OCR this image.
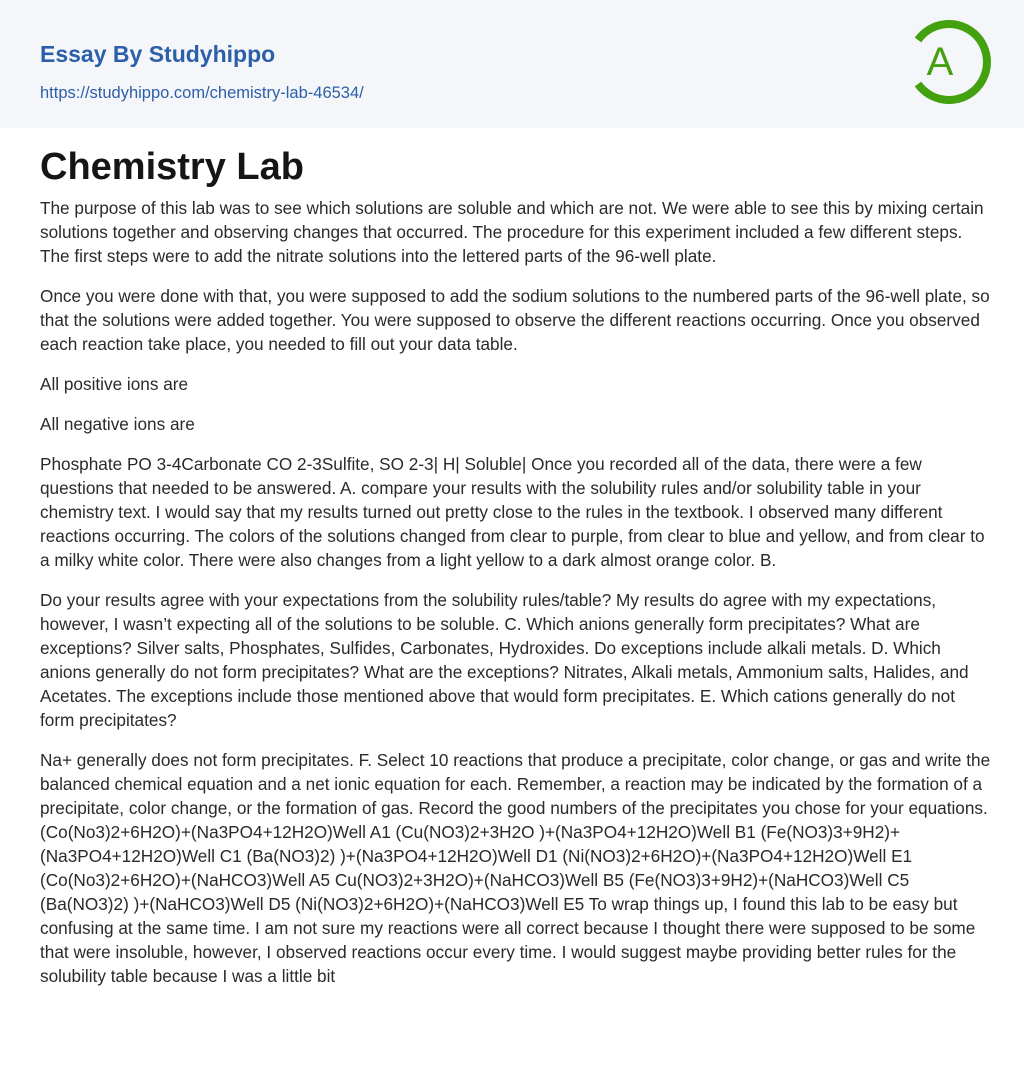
Essay By Studyhippo
https://studyhippo.com/chemistry-lab-46534/
A
Chemistry Lab

The purpose of this lab was to see which solutions are soluble and which are not. We were able to see this by mixing certain solutions together and observing changes that occurred. The procedure for this experiment included a few different steps. The first steps were to add the nitrate solutions into the lettered parts of the 96-well plate.

Once you were done with that, you were supposed to add the sodium solutions to the numbered parts of the 96-well plate, so that the solutions were added together. You were supposed to observe the different reactions occurring. Once you observed each reaction take place, you needed to fill out your data table.

All positive ions are

All negative ions are

Phosphate PO 3-4Carbonate CO 2-3Sulfite, SO 2-3| H| Soluble| Once you recorded all of the data, there were a few questions that needed to be answered. A. compare your results with the solubility rules and/or solubility table in your chemistry text. I would say that my results turned out pretty close to the rules in the textbook. I observed many different reactions occurring. The colors of the solutions changed from clear to purple, from clear to blue and yellow, and from clear to a milky white color. There were also changes from a light yellow to a dark almost orange color. B.

Do your results agree with your expectations from the solubility rules/table? My results do agree with my expectations, however, I wasn’t expecting all of the solutions to be soluble. C. Which anions generally form precipitates? What are exceptions? Silver salts, Phosphates, Sulfides, Carbonates, Hydroxides. Do exceptions include alkali metals. D. Which anions generally do not form precipitates? What are the exceptions? Nitrates, Alkali metals, Ammonium salts, Halides, and Acetates. The exceptions include those mentioned above that would form precipitates. E. Which cations generally do not form precipitates?

Na+ generally does not form precipitates. F. Select 10 reactions that produce a precipitate, color change, or gas and write the balanced chemical equation and a net ionic equation for each. Remember, a reaction may be indicated by the formation of a precipitate, color change, or the formation of gas. Record the good numbers of the precipitates you chose for your equations. (Co(No3)2+6H2O)+(Na3PO4+12H2O)Well A1 (Cu(NO3)2+3H2O )+(Na3PO4+12H2O)Well B1 (Fe(NO3)3+9H2)+(Na3PO4+12H2O)Well C1 (Ba(NO3)2) )+(Na3PO4+12H2O)Well D1 (Ni(NO3)2+6H2O)+(Na3PO4+12H2O)Well E1 (Co(No3)2+6H2O)+(NaHCO3)Well A5 Cu(NO3)2+3H2O)+(NaHCO3)Well B5 (Fe(NO3)3+9H2)+(NaHCO3)Well C5 (Ba(NO3)2) )+(NaHCO3)Well D5 (Ni(NO3)2+6H2O)+(NaHCO3)Well E5 To wrap things up, I found this lab to be easy but confusing at the same time. I am not sure my reactions were all correct because I thought there were supposed to be some that were insoluble, however, I observed reactions occur every time. I would suggest maybe providing better rules for the solubility table because I was a little bit
